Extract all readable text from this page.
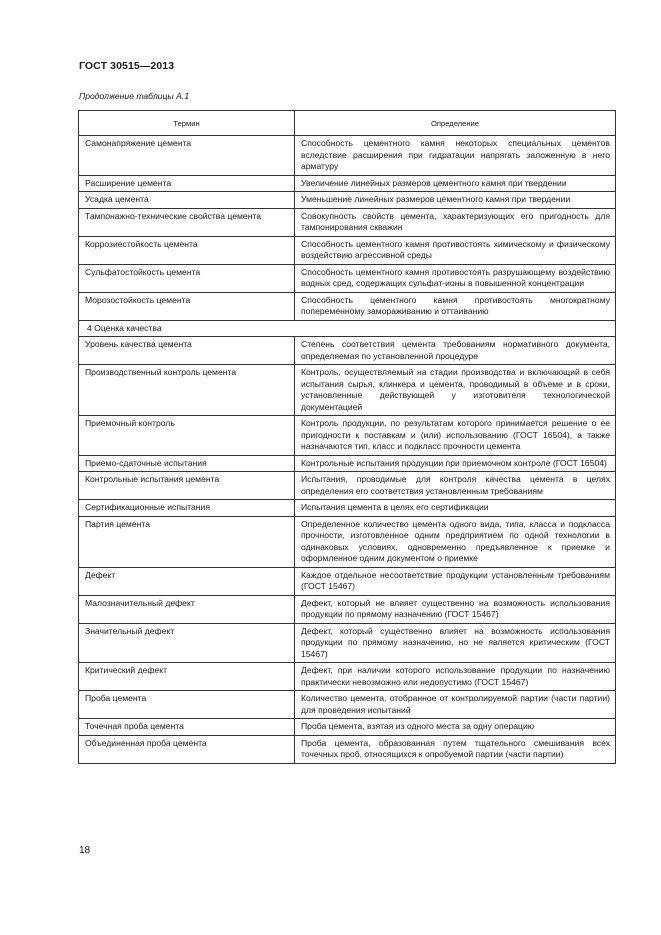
ГОСТ 30515—2013
Продолжение таблицы А.1
Термин	Определение
Самонапряжение цемента	Способность цементного камня некоторых специальных цементов вследствие расширения при гидратации напрягать заложенную в него арматуру
Расширение цемента	Увеличение линейных размеров цементного камня при твердении
Усадка цемента	Уменьшение линейных размеров цементного камня при твердении
Тампонажно-технические свойства цемента	Совокупность свойств цемента, характеризующих его пригодность для тампонирования скважин
Коррозиестойкость цемента	Способность цементного камня противостоять химическому и физическому воздействию агрессивной среды
Сульфатостойкость цемента	Способность цементного камня противостоять разрушающему воздействию водных сред, содержащих сульфат-ионы в повышенной концентрации
Морозостойкость цемента	Способность цементного камня противостоять многократному попеременному замораживанию и оттаиванию
4 Оценка качества	
Уровень качества цемента	Степень соответствия цемента требованиям нормативного документа, определяемая по установленной процедуре
Производственный контроль цемента	Контроль, осуществляемый на стадии производства и включающий в себя испытания сырья, клинкера и цемента, проводимый в объеме и в сроки, установленные действующей у изготовителя технологической документацией
Приемочный контроль	Контроль продукции, по результатам которого принимается решение о ее пригодности к поставкам и (или) использованию (ГОСТ 16504), а также назначаются тип, класс и подкласс прочности цемента
Приемо-сдаточные испытания	Контрольные испытания продукции при приемочном контроле (ГОСТ 16504)
Контрольные испытания цемента	Испытания, проводимые для контроля качества цемента в целях определения его соответствия установленным требованиям
Сертификационные испытания	Испытания цемента в целях его сертификации
Партия цемента	Определенное количество цемента одного вида, типа, класса и подкласса прочности, изготовленное одним предприятием по одной технологии в одинаковых условиях, одновременно предъявленное к приемке и оформленное одним документом о приемке
Дефект	Каждое отдельное несоответствие продукции установленным требованиям (ГОСТ 15467)
Малозначительный дефект	Дефект, который не влияет существенно на возможность использования продукции по прямому назначению (ГОСТ 15467)
Значительный дефект	Дефект, который существенно влияет на возможность использования продукции по прямому назначению, но не является критическим (ГОСТ 15467)
Критический дефект	Дефект, при наличии которого использование продукции по назначению практически невозможно или недопустимо (ГОСТ 15467)
Проба цемента	Количество цемента, отобранное от контролируемой партии (части партии) для проведения испытаний
Точечная проба цемента	Проба цемента, взятая из одного места за одну операцию
Объединенная проба цемента	Проба цемента, образованная путем тщательного смешивания всех точечных проб, относящихся к опробуемой партии (части партии)
18
